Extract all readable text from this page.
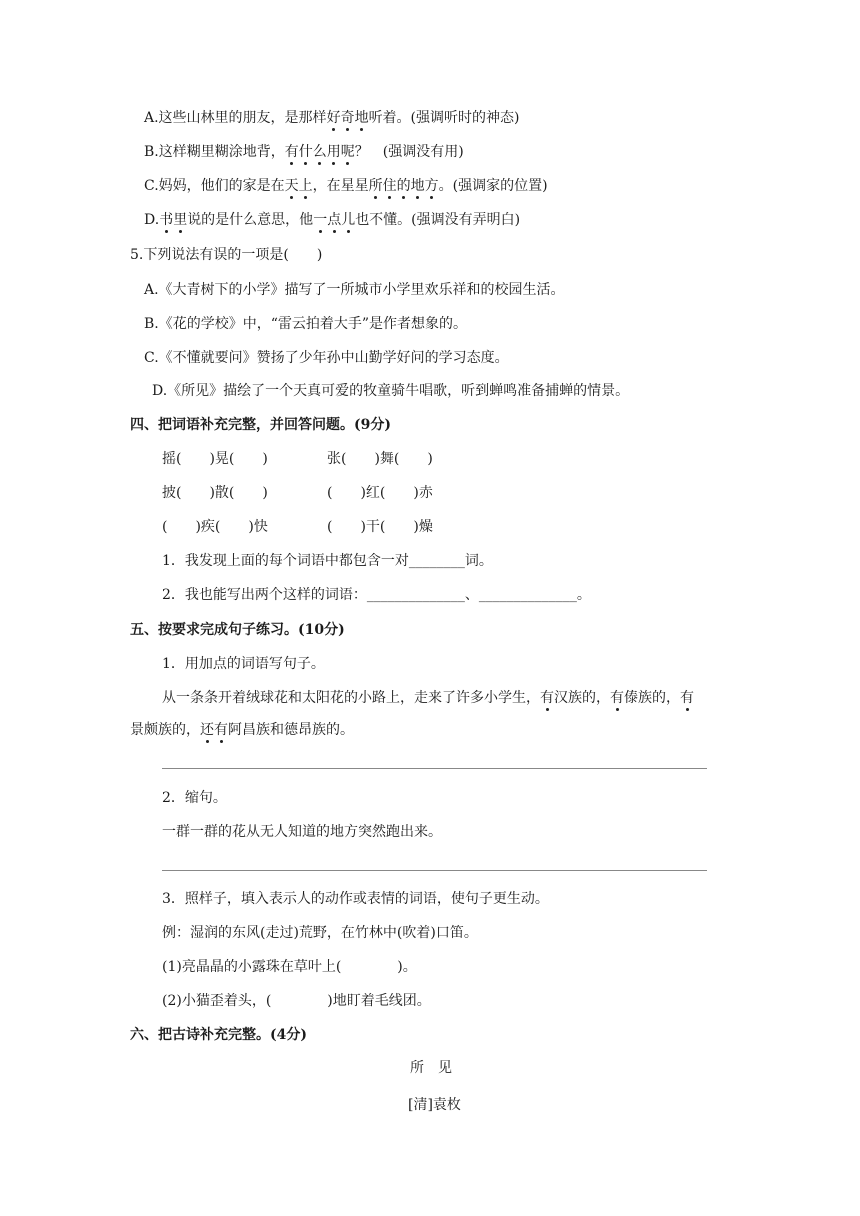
A.这些山林里的朋友，是那样好奇地听着。(强调听时的神态)
B.这样糊里糊涂地背，有什么用呢？　(强调没有用)
C.妈妈，他们的家是在天上，在星星所住的地方。(强调家的位置)
D.书里说的是什么意思，他一点儿也不懂。(强调没有弄明白)
5.下列说法有误的一项是(　　)
A.《大青树下的小学》描写了一所城市小学里欢乐祥和的校园生活。
B.《花的学校》中，“雷云拍着大手”是作者想象的。
C.《不懂就要问》赞扬了少年孙中山勤学好问的学习态度。
D.《所见》描绘了一个天真可爱的牧童骑牛唱歌，听到蝉鸣准备捕蝉的情景。
四、把词语补充完整，并回答问题。(9分)
摇(　　)晃(　　)	张(　　)舞(　　)
披(　　)散(　　)	(　　)红(　　)赤
(　　)疾(　　)快	(　　)干(　　)燥
1．我发现上面的每个词语中都包含一对________词。
2．我也能写出两个这样的词语：______________、______________。
五、按要求完成句子练习。(10分)
1．用加点的词语写句子。
从一条条开着绒球花和太阳花的小路上，走来了许多小学生，有汉族的，有傣族的，有
景颇族的，还有阿昌族和德昂族的。
2．缩句。
一群一群的花从无人知道的地方突然跑出来。
3．照样子，填入表示人的动作或表情的词语，使句子更生动。
例：湿润的东风(走过)荒野，在竹林中(吹着)口笛。
(1)亮晶晶的小露珠在草叶上(　　　　)。
(2)小猫歪着头，(　　　　)地盯着毛线团。
六、把古诗补充完整。(4分)
所　见
[清]袁枚
